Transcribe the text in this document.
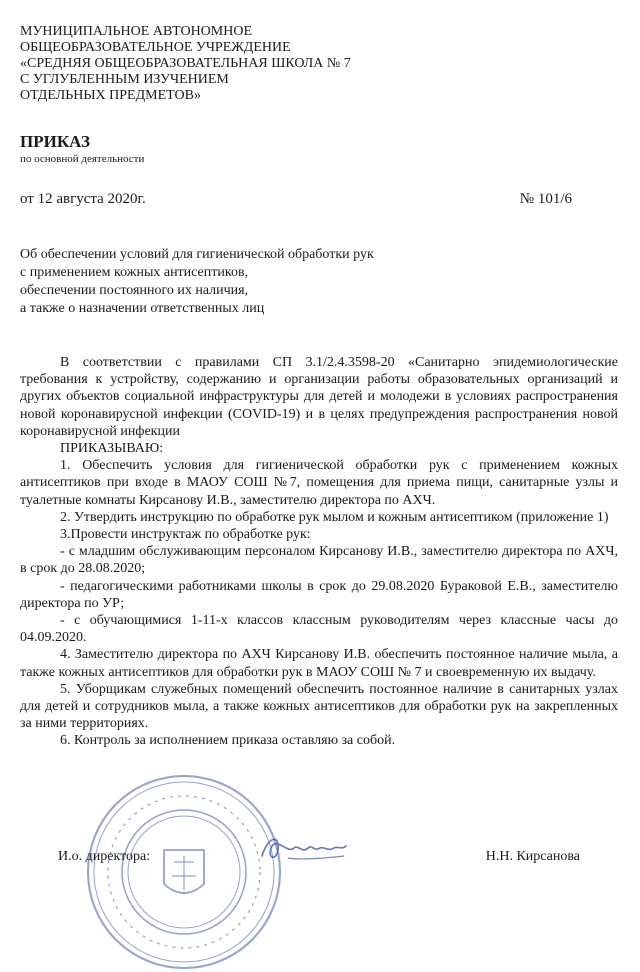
МУНИЦИПАЛЬНОЕ АВТОНОМНОЕ
ОБЩЕОБРАЗОВАТЕЛЬНОЕ УЧРЕЖДЕНИЕ
«СРЕДНЯЯ ОБЩЕОБРАЗОВАТЕЛЬНАЯ ШКОЛА № 7
С УГЛУБЛЕННЫМ ИЗУЧЕНИЕМ
ОТДЕЛЬНЫХ ПРЕДМЕТОВ»
ПРИКАЗ
по основной деятельности
от 12 августа 2020г.	№ 101/6
Об обеспечении условий для гигиенической обработки рук
с применением кожных антисептиков,
обеспечении постоянного их наличия,
а также о назначении ответственных лиц

В соответствии с правилами СП 3.1/2.4.3598-20 «Санитарно эпидемиологические требования к устройству, содержанию и организации работы образовательных организаций и других объектов социальной инфраструктуры для детей и молодежи в условиях распространения новой коронавирусной инфекции (COVID-19) и в целях предупреждения распространения новой коронавирусной инфекции

ПРИКАЗЫВАЮ:

1. Обеспечить условия для гигиенической обработки рук с применением кожных антисептиков при входе в МАОУ СОШ №7, помещения для приема пищи, санитарные узлы и туалетные комнаты Кирсанову И.В., заместителю директора по АХЧ.

2. Утвердить инструкцию по обработке рук мылом и кожным антисептиком (приложение 1)

3.Провести инструктаж по обработке рук:

- с младшим обслуживающим персоналом Кирсанову И.В., заместителю директора по АХЧ, в срок до 28.08.2020;

- педагогическими работниками школы в срок до 29.08.2020 Бураковой Е.В., заместителю директора по УР;

- с обучающимися 1-11-х классов классным руководителям через классные часы до 04.09.2020.

4. Заместителю директора по АХЧ Кирсанову И.В. обеспечить постоянное наличие мыла, а также кожных антисептиков для обработки рук в МАОУ СОШ № 7 и своевременную их выдачу.

5. Уборщикам служебных помещений обеспечить постоянное наличие в санитарных узлах для детей и сотрудников мыла, а также кожных антисептиков для обработки рук на закрепленных за ними территориях.

6. Контроль за исполнением приказа оставляю за собой.

И.о. директора:	Н.Н. Кирсанова
